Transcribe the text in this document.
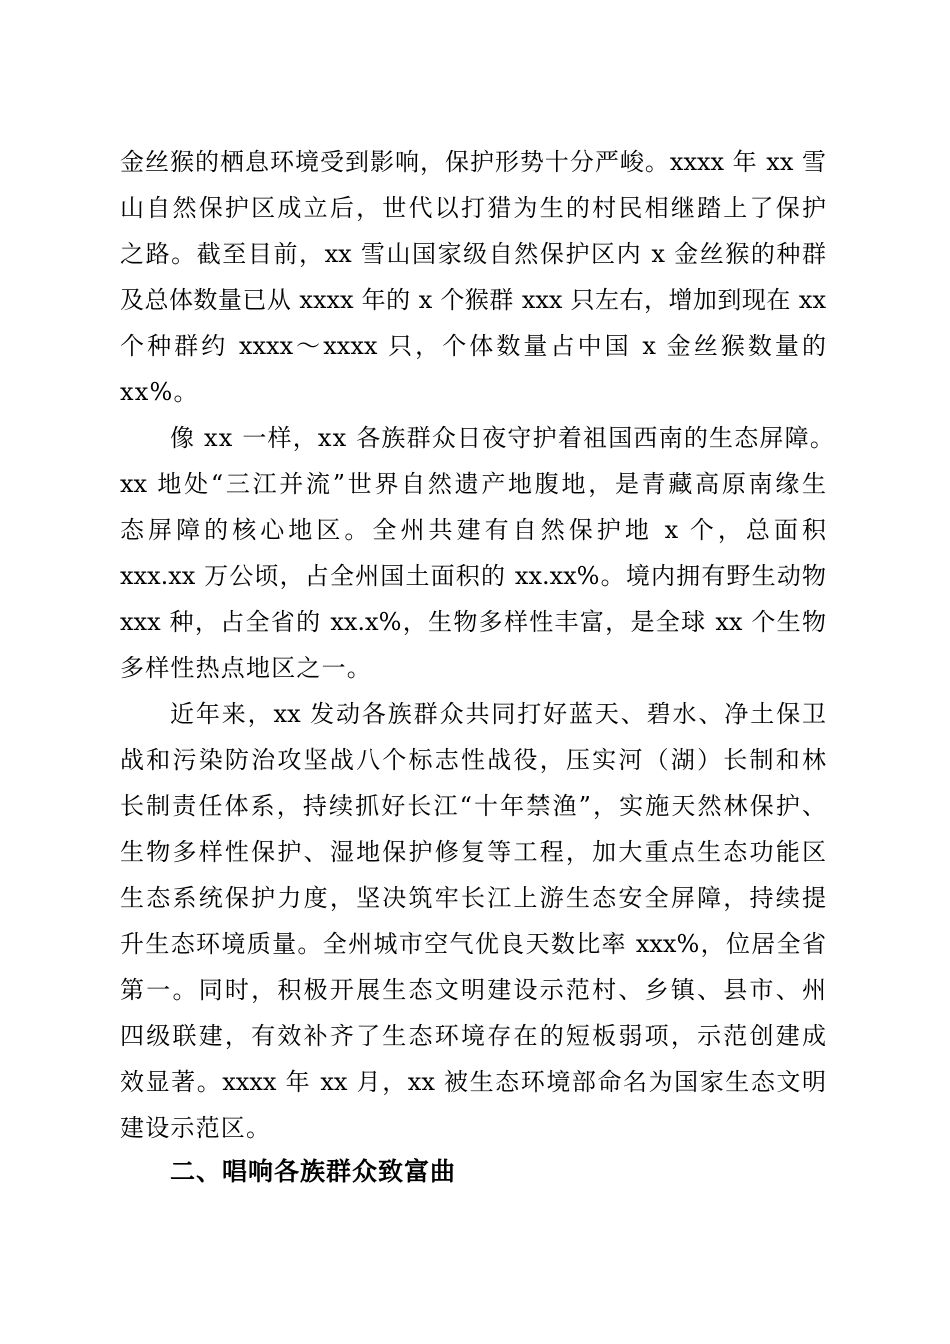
金丝猴的栖息环境受到影响，保护形势十分严峻。xxxx 年 xx 雪
山自然保护区成立后，世代以打猎为生的村民相继踏上了保护
之路。截至目前，xx 雪山国家级自然保护区内 x 金丝猴的种群
及总体数量已从 xxxx 年的 x 个猴群 xxx 只左右，增加到现在 xx
个种群约 xxxx～xxxx 只，个体数量占中国 x 金丝猴数量的
xx%。
像 xx 一样，xx 各族群众日夜守护着祖国西南的生态屏障。
xx 地处“三江并流”世界自然遗产地腹地，是青藏高原南缘生
态屏障的核心地区。全州共建有自然保护地 x 个，总面积
xxx.xx 万公顷，占全州国土面积的 xx.xx%。境内拥有野生动物
xxx 种，占全省的 xx.x%，生物多样性丰富，是全球 xx 个生物
多样性热点地区之一。
近年来，xx 发动各族群众共同打好蓝天、碧水、净土保卫
战和污染防治攻坚战八个标志性战役，压实河（湖）长制和林
长制责任体系，持续抓好长江“十年禁渔”，实施天然林保护、
生物多样性保护、湿地保护修复等工程，加大重点生态功能区
生态系统保护力度，坚决筑牢长江上游生态安全屏障，持续提
升生态环境质量。全州城市空气优良天数比率 xxx%，位居全省
第一。同时，积极开展生态文明建设示范村、乡镇、县市、州
四级联建，有效补齐了生态环境存在的短板弱项，示范创建成
效显著。xxxx 年 xx 月，xx 被生态环境部命名为国家生态文明
建设示范区。
二、唱响各族群众致富曲
